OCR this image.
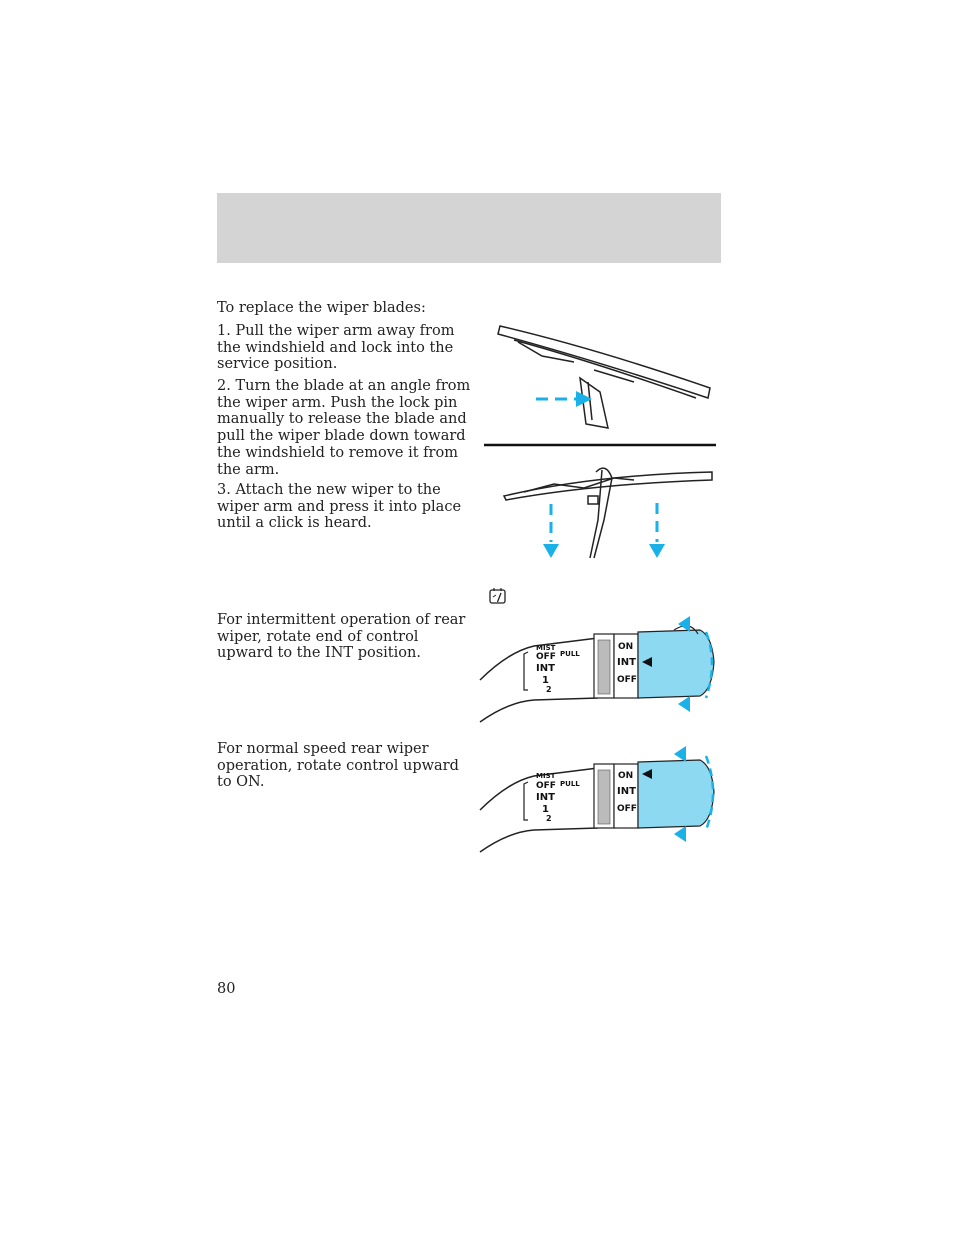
To replace the wiper blades:

1. Pull the wiper arm away from the windshield and lock into the service position.

2. Turn the blade at an angle from the wiper arm. Push the lock pin manually to release the blade and pull the wiper blade down toward the windshield to remove it from the arm.

3. Attach the new wiper to the wiper arm and press it into place until a click is heard.

For intermittent operation of rear wiper, rotate end of control upward to the INT position.	MIST
OFF PULL
INT
1
2
ON
INT
OFF

For normal speed rear wiper operation, rotate control upward to ON.	MIST
OFF PULL
INT
1
2
ON
INT
OFF
80
